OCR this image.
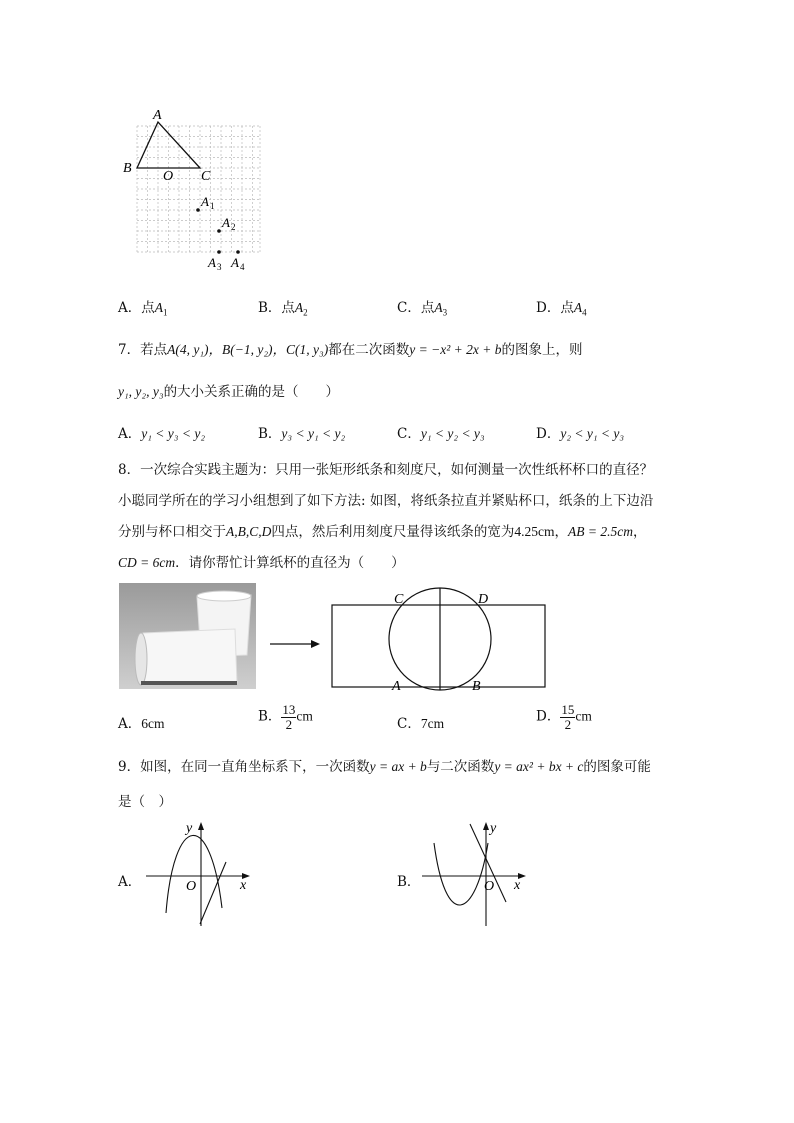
A
B
O C
A 1
A 2
A 3 A 4
A．点$A_1$	B．点$A_2$	C．点$A_3$	D．点$A_4$
7．若点A(4, y₁)，B(−1, y₂)，C(1, y₃)都在二次函数y = −x² + 2x + b的图象上，则
y₁, y₂, y₃的大小关系正确的是（　　）
A．y₁ < y₃ < y₂	B．y₃ < y₁ < y₂	C．y₁ < y₂ < y₃	D．y₂ < y₁ < y₃
8．一次综合实践主题为：只用一张矩形纸条和刻度尺，如何测量一次性纸杯杯口的直径？
小聪同学所在的学习小组想到了如下方法: 如图，将纸条拉直并紧贴杯口，纸条的上下边沿
分别与杯口相交于A,B,C,D四点，然后利用刻度尺量得该纸条的宽为4.25cm，AB = 2.5cm，
CD = 6cm．请你帮忙计算纸杯的直径为（　　）
C	D
A	B
A．6cm	B． $\frac{13}{2}$ cm	C．7cm	D． $\frac{15}{2}$ cm
9．如图，在同一直角坐标系下，一次函数y = ax + b与二次函数y = ax² + bx + c的图象可能
是（　）
A．
y
x
O	B．
y
x
O
